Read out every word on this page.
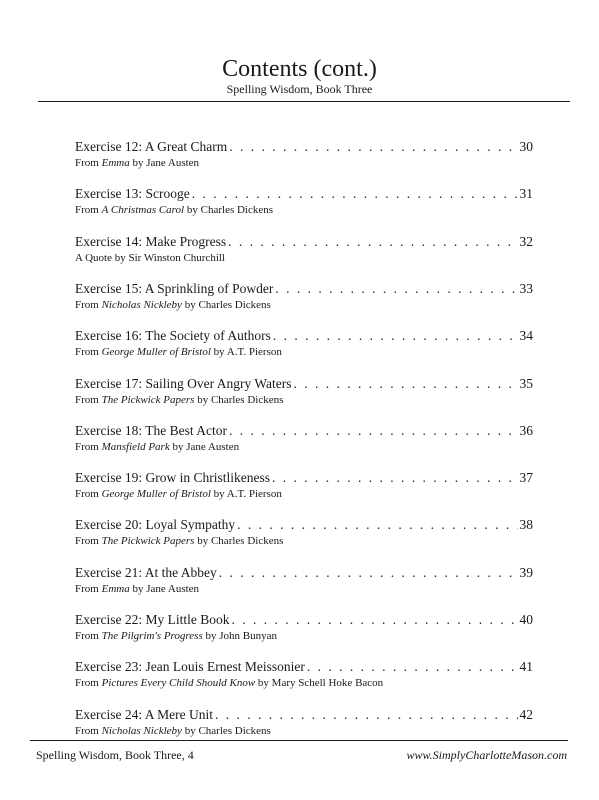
Contents (cont.)
Spelling Wisdom, Book Three
Exercise 12: A Great Charm . . .	30
From Emma by Jane Austen
Exercise 13: Scrooge . . .	31
From A Christmas Carol by Charles Dickens
Exercise 14: Make Progress . . .	32
A Quote by Sir Winston Churchill
Exercise 15: A Sprinkling of Powder . . .	33
From Nicholas Nickleby by Charles Dickens
Exercise 16: The Society of Authors . . .	34
From George Muller of Bristol by A.T. Pierson
Exercise 17: Sailing Over Angry Waters . . .	35
From The Pickwick Papers by Charles Dickens
Exercise 18: The Best Actor . . .	36
From Mansfield Park by Jane Austen
Exercise 19: Grow in Christlikeness . . .	37
From George Muller of Bristol by A.T. Pierson
Exercise 20: Loyal Sympathy . . .	38
From The Pickwick Papers by Charles Dickens
Exercise 21: At the Abbey . . .	39
From Emma by Jane Austen
Exercise 22: My Little Book . . .	40
From The Pilgrim's Progress by John Bunyan
Exercise 23: Jean Louis Ernest Meissonier . . .	41
From Pictures Every Child Should Know by Mary Schell Hoke Bacon
Exercise 24: A Mere Unit . . .	42
From Nicholas Nickleby by Charles Dickens
Spelling Wisdom, Book Three, 4	www.SimplyCharlotteMason.com
